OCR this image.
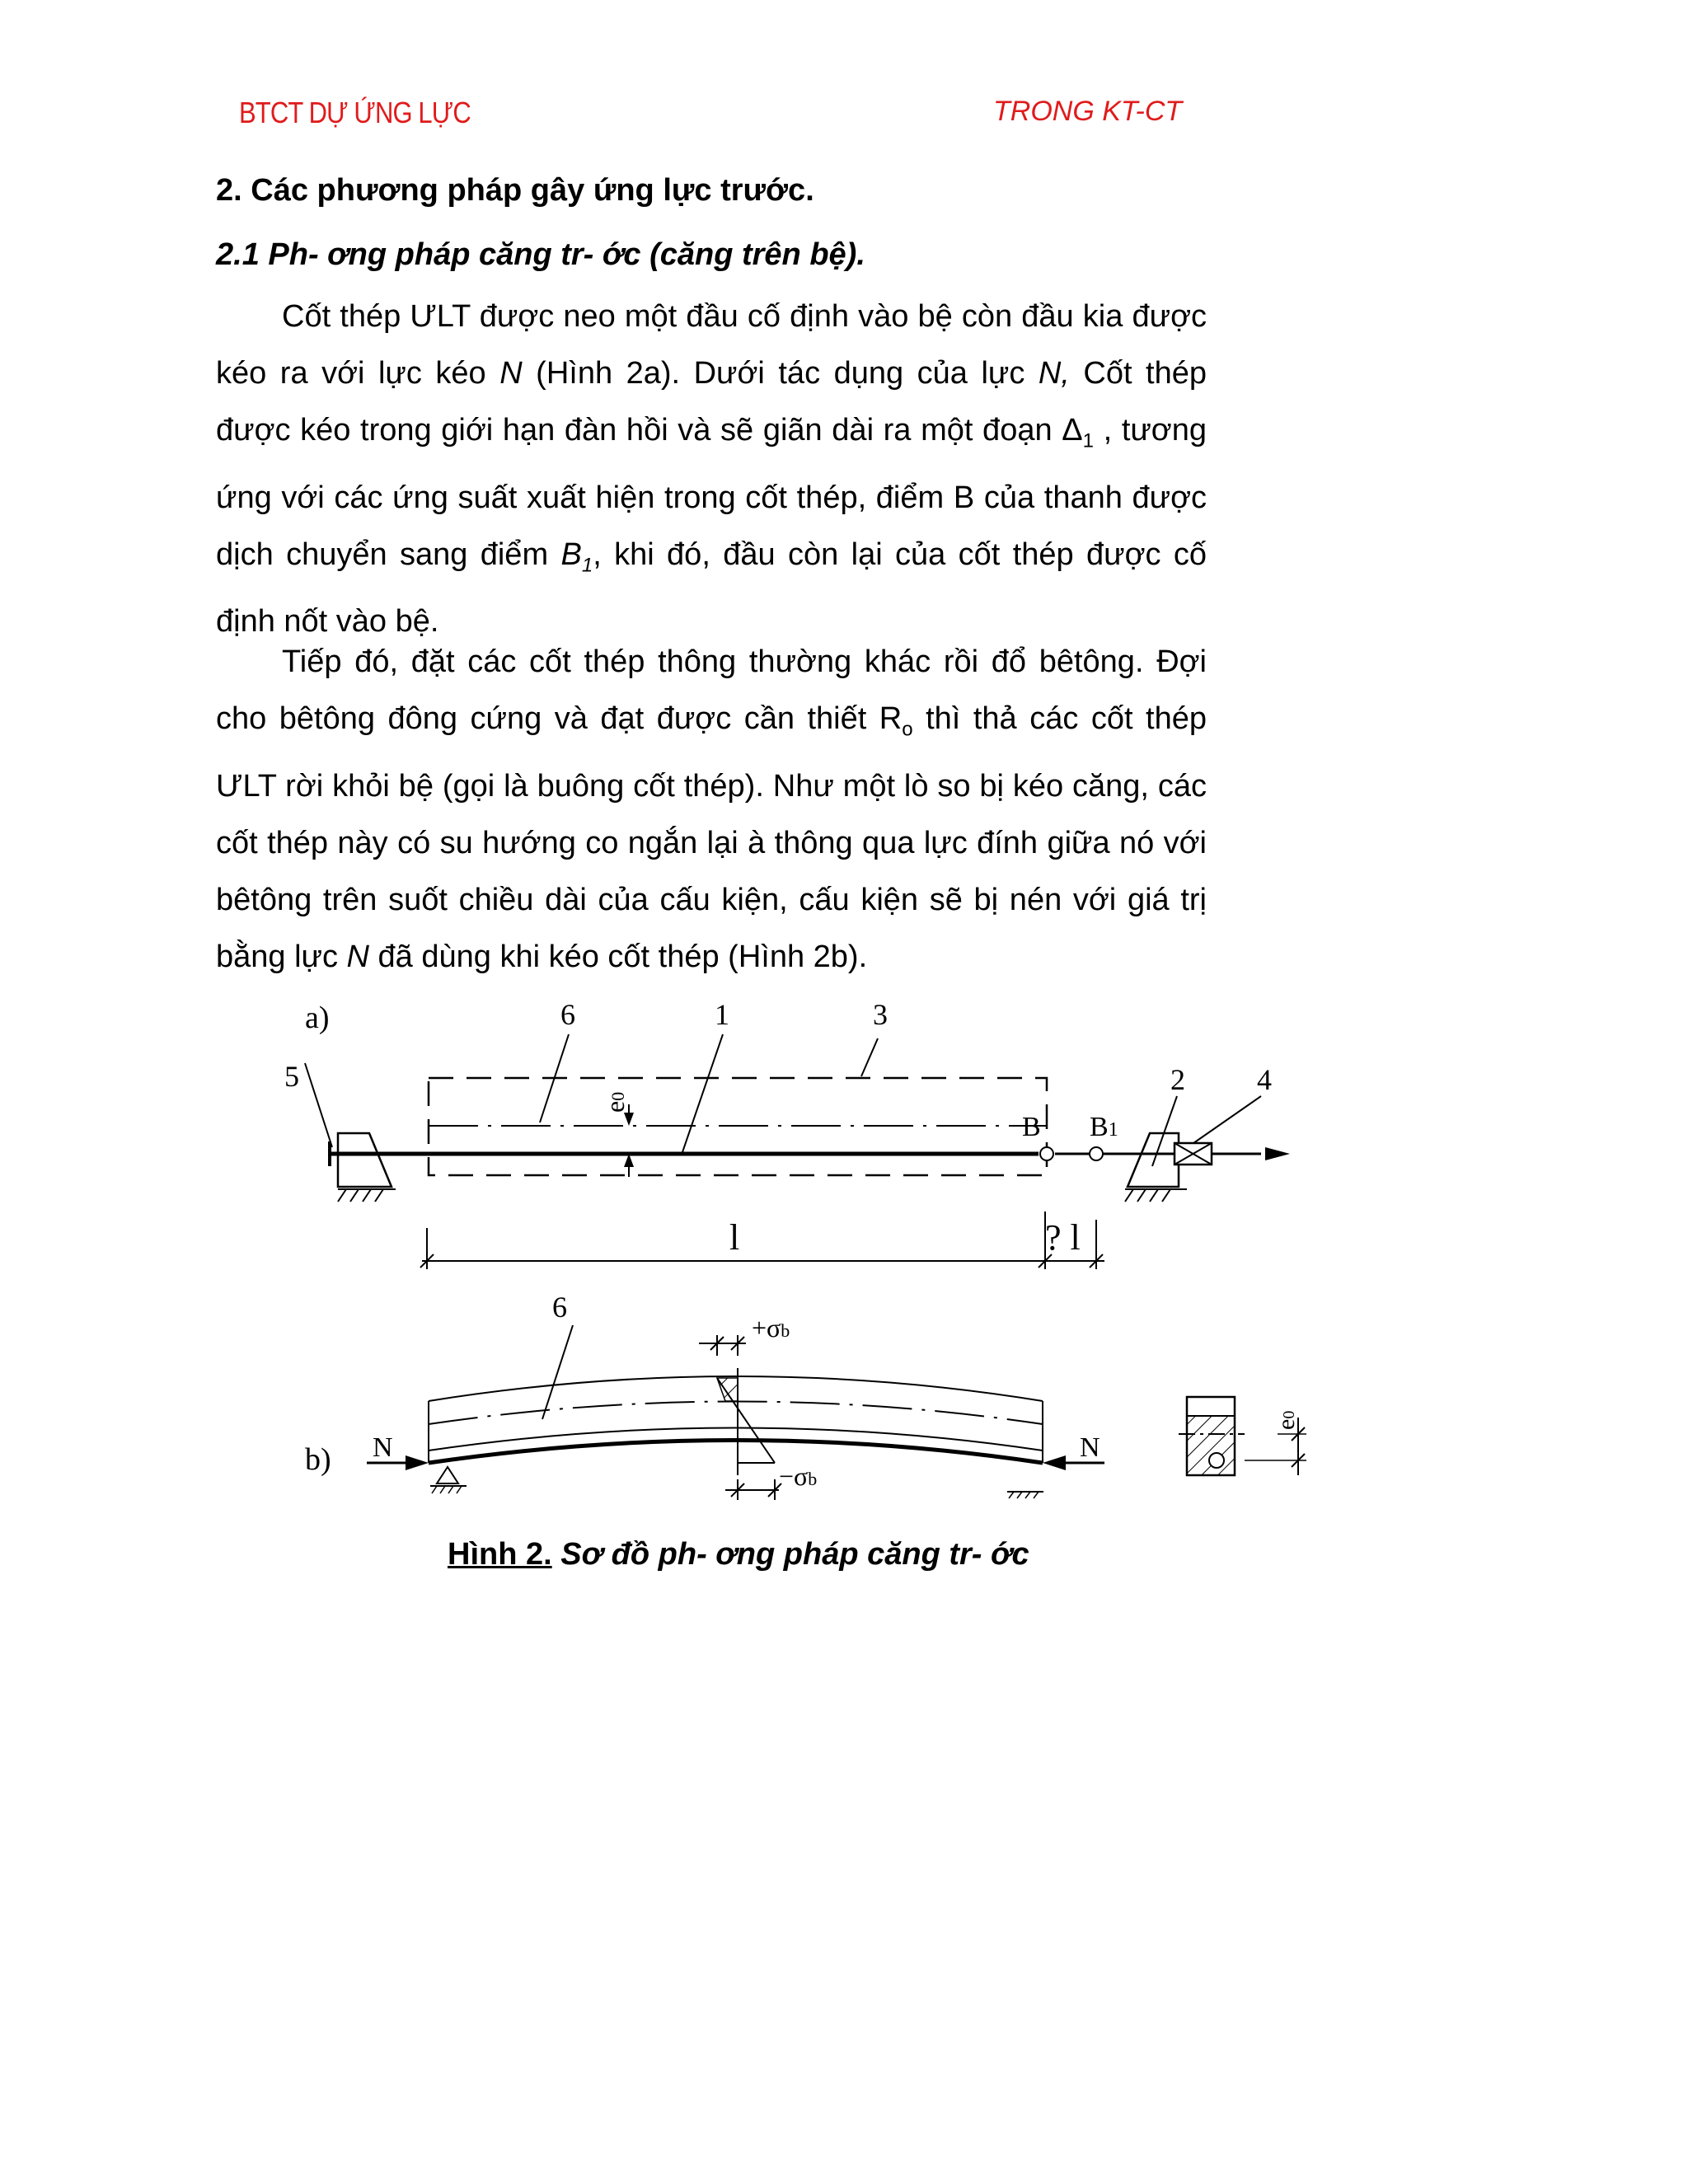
BTCT DỰ ỨNG LỰC	TRONG KT-CT
2. Các phương pháp gây ứng lực trước.
2.1 Ph- ơng pháp căng tr- ớc (căng trên bệ).
Cốt thép ƯLT được neo một đầu cố định vào bệ còn đầu kia được kéo ra với lực kéo N (Hình 2a). Dưới tác dụng của lực N, Cốt thép được kéo trong giới hạn đàn hồi và sẽ giãn dài ra một đoạn $\Delta_1$ , tương ứng với các ứng suất xuất hiện trong cốt thép, điểm B của thanh được dịch chuyển sang điểm $B_1$, khi đó, đầu còn lại của cốt thép được cố định nốt vào bệ.
Tiếp đó, đặt các cốt thép thông thường khác rồi đổ bêtông. Đợi cho bêtông đông cứng và đạt được cần thiết $R_o$ thì thả các cốt thép ƯLT rời khỏi bệ (gọi là buông cốt thép). Như một lò so bị kéo căng, các cốt thép này có su hướng co ngắn lại à thông qua lực đính giữa nó với bêtông trên suốt chiều dài của cấu kiện, cấu kiện sẽ bị nén với giá trị bằng lực N đã dùng khi kéo cốt thép (Hình 2b).
a)	6	1	3
5	2 4
e0
B B1
l	? l
6
+σb
−σb
b) N	N
e0
Hình 2. Sơ đồ ph- ơng pháp căng tr- ớc
